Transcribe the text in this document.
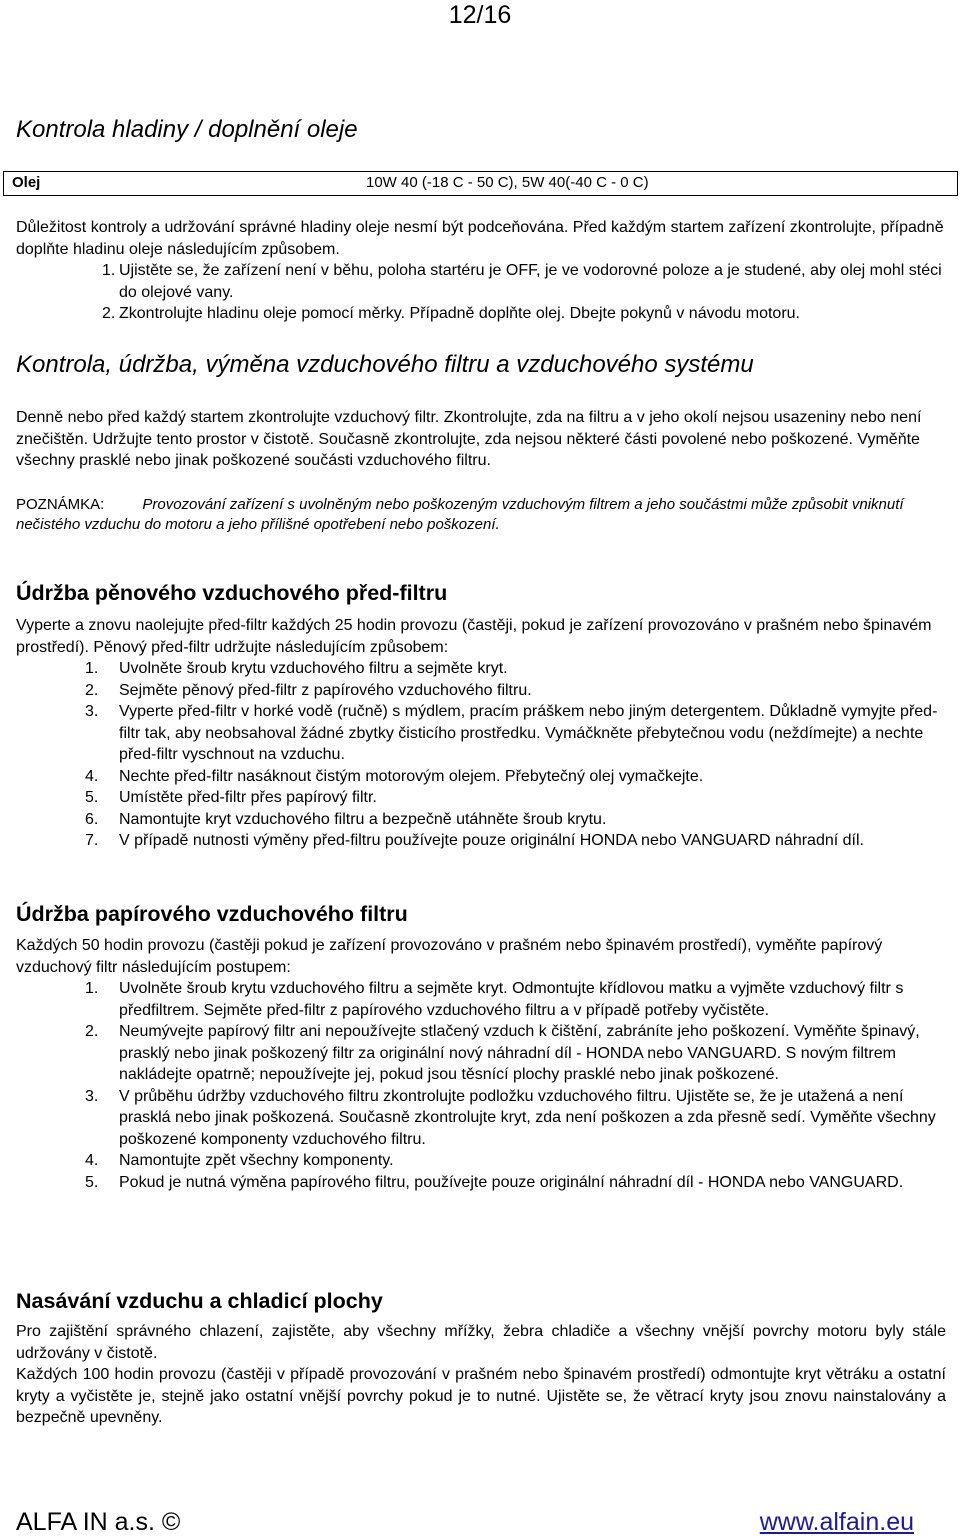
12/16
Kontrola hladiny / doplnění oleje
Olej	10W 40 (-18 C - 50 C), 5W 40(-40 C - 0 C)

Důležitost kontroly a udržování správné hladiny oleje nesmí být podceňována. Před každým startem zařízení zkontrolujte, případně doplňte hladinu oleje následujícím způsobem.

1. Ujistěte se, že zařízení není v běhu, poloha startéru je OFF, je ve vodorovné poloze a je studené, aby olej mohl stéci do olejové vany.
2. Zkontrolujte hladinu oleje pomocí měrky. Případně doplňte olej. Dbejte pokynů v návodu motoru.
Kontrola, údržba, výměna vzduchového filtru a vzduchového systému
Denně nebo před každý startem zkontrolujte vzduchový filtr. Zkontrolujte, zda na filtru a v jeho okolí nejsou usazeniny nebo není znečištěn. Udržujte tento prostor v čistotě. Současně zkontrolujte, zda nejsou některé části povolené nebo poškozené. Vyměňte všechny prasklé nebo jinak poškozené součásti vzduchového filtru.
POZNÁMKA:	Provozování zařízení s uvolněným nebo poškozeným vzduchovým filtrem a jeho součástmi může způsobit vniknutí nečistého vzduchu do motoru a jeho přílišné opotřebení nebo poškození.
Údržba pěnového vzduchového před-filtru

Vyperte a znovu naolejujte před-filtr každých 25 hodin provozu (častěji, pokud je zařízení provozováno v prašném nebo špinavém prostředí). Pěnový před-filtr udržujte následujícím způsobem:

1. Uvolněte šroub krytu vzduchového filtru a sejměte kryt.
2. Sejměte pěnový před-filtr z papírového vzduchového filtru.
3. Vyperte před-filtr v horké vodě (ručně) s mýdlem, pracím práškem nebo jiným detergentem. Důkladně vymyjte před-filtr tak, aby neobsahoval žádné zbytky čisticího prostředku. Vymáčkněte přebytečnou vodu (neždímejte) a nechte před-filtr vyschnout na vzduchu.
4. Nechte před-filtr nasáknout čistým motorovým olejem. Přebytečný olej vymačkejte.
5. Umístěte před-filtr přes papírový filtr.
6. Namontujte kryt vzduchového filtru a bezpečně utáhněte šroub krytu.
7. V případě nutnosti výměny před-filtru používejte pouze originální HONDA nebo VANGUARD náhradní díl.
Údržba papírového vzduchového filtru

Každých 50 hodin provozu (častěji pokud je zařízení provozováno v prašném nebo špinavém prostředí), vyměňte papírový vzduchový filtr následujícím postupem:

1. Uvolněte šroub krytu vzduchového filtru a sejměte kryt. Odmontujte křídlovou matku a vyjměte vzduchový filtr s předfiltrem. Sejměte před-filtr z papírového vzduchového filtru a v případě potřeby vyčistěte.
2. Neumývejte papírový filtr ani nepoužívejte stlačený vzduch k čištění, zabráníte jeho poškození. Vyměňte špinavý, prasklý nebo jinak poškozený filtr za originální nový náhradní díl - HONDA nebo VANGUARD. S novým filtrem nakládejte opatrně; nepoužívejte jej, pokud jsou těsnící plochy prasklé nebo jinak poškozené.
3. V průběhu údržby vzduchového filtru zkontrolujte podložku vzduchového filtru. Ujistěte se, že je utažená a není prasklá nebo jinak poškozená. Současně zkontrolujte kryt, zda není poškozen a zda přesně sedí. Vyměňte všechny poškozené komponenty vzduchového filtru.
4. Namontujte zpět všechny komponenty.
5. Pokud je nutná výměna papírového filtru, používejte pouze originální náhradní díl - HONDA nebo VANGUARD.
Nasávání vzduchu a chladicí plochy

Pro zajištění správného chlazení, zajistěte, aby všechny mřížky, žebra chladiče a všechny vnější povrchy motoru byly stále udržovány v čistotě.

Každých 100 hodin provozu (častěji v případě provozování v prašném nebo špinavém prostředí) odmontujte kryt větráku a ostatní kryty a vyčistěte je, stejně jako ostatní vnější povrchy pokud je to nutné. Ujistěte se, že větrací kryty jsou znovu nainstalovány a bezpečně upevněny.

ALFA IN a.s. ©	www.alfain.eu
